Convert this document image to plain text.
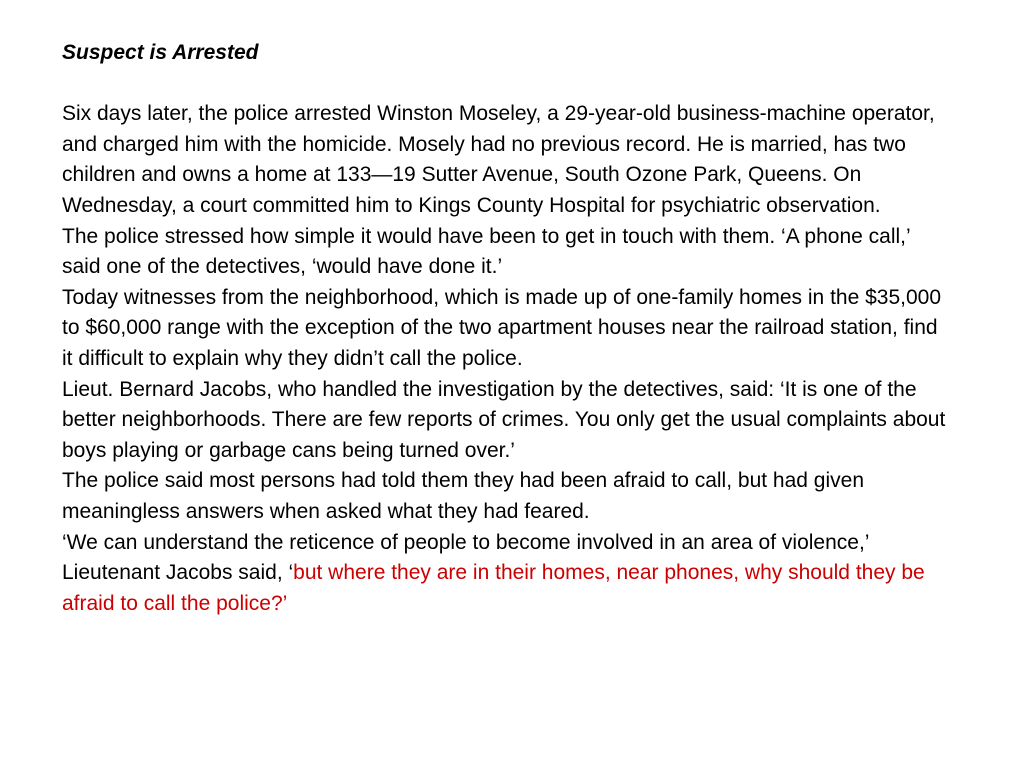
Suspect is Arrested

Six days later, the police arrested Winston Moseley, a 29-year-old business-machine operator, and charged him with the homicide. Mosely had no previous record. He is married, has two children and owns a home at 133—19 Sutter Avenue, South Ozone Park, Queens. On Wednesday, a court committed him to Kings County Hospital for psychiatric observation.

The police stressed how simple it would have been to get in touch with them. ‘A phone call,’ said one of the detectives, ‘would have done it.’

Today witnesses from the neighborhood, which is made up of one-family homes in the $35,000 to $60,000 range with the exception of the two apartment houses near the railroad station, find it difficult to explain why they didn’t call the police.

Lieut. Bernard Jacobs, who handled the investigation by the detectives, said: ‘It is one of the better neighborhoods. There are few reports of crimes. You only get the usual complaints about boys playing or garbage cans being turned over.’

The police said most persons had told them they had been afraid to call, but had given meaningless answers when asked what they had feared.

‘We can understand the reticence of people to become involved in an area of violence,’ Lieutenant Jacobs said, ‘but where they are in their homes, near phones, why should they be afraid to call the police?’
